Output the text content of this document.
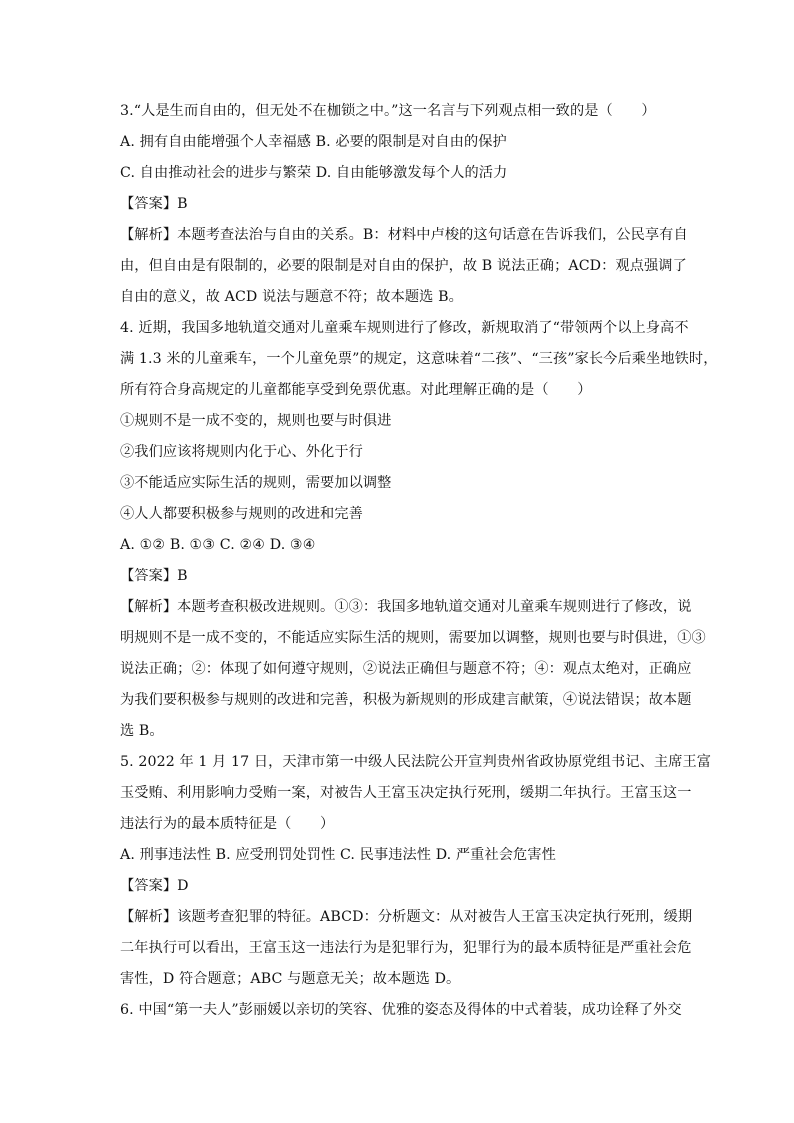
3.“人是生而自由的，但无处不在枷锁之中。”这一名言与下列观点相一致的是（　　）
A. 拥有自由能增强个人幸福感 B. 必要的限制是对自由的保护
C. 自由推动社会的进步与繁荣 D. 自由能够激发每个人的活力
【答案】B
【解析】本题考查法治与自由的关系。B：材料中卢梭的这句话意在告诉我们，公民享有自
由，但自由是有限制的，必要的限制是对自由的保护，故 B 说法正确；ACD：观点强调了
自由的意义，故 ACD 说法与题意不符；故本题选 B。
4. 近期，我国多地轨道交通对儿童乘车规则进行了修改，新规取消了“带领两个以上身高不
满 1.3 米的儿童乘车，一个儿童免票”的规定，这意味着“二孩”、“三孩”家长今后乘坐地铁时，
所有符合身高规定的儿童都能享受到免票优惠。对此理解正确的是（　　）
①规则不是一成不变的，规则也要与时俱进
②我们应该将规则内化于心、外化于行
③不能适应实际生活的规则，需要加以调整
④人人都要积极参与规则的改进和完善
A. ①② B. ①③ C. ②④ D. ③④
【答案】B
【解析】本题考查积极改进规则。①③：我国多地轨道交通对儿童乘车规则进行了修改，说
明规则不是一成不变的，不能适应实际生活的规则，需要加以调整，规则也要与时俱进，①③
说法正确；②：体现了如何遵守规则，②说法正确但与题意不符；④：观点太绝对，正确应
为我们要积极参与规则的改进和完善，积极为新规则的形成建言献策，④说法错误；故本题
选 B。
5. 2022 年 1 月 17 日，天津市第一中级人民法院公开宣判贵州省政协原党组书记、主席王富
玉受贿、利用影响力受贿一案，对被告人王富玉决定执行死刑，缓期二年执行。王富玉这一
违法行为的最本质特征是（　　）
A. 刑事违法性 B. 应受刑罚处罚性 C. 民事违法性 D. 严重社会危害性
【答案】D
【解析】该题考查犯罪的特征。ABCD：分析题文：从对被告人王富玉决定执行死刑，缓期
二年执行可以看出，王富玉这一违法行为是犯罪行为，犯罪行为的最本质特征是严重社会危
害性，D 符合题意；ABC 与题意无关；故本题选 D。
6. 中国“第一夫人”彭丽媛以亲切的笑容、优雅的姿态及得体的中式着装，成功诠释了外交
